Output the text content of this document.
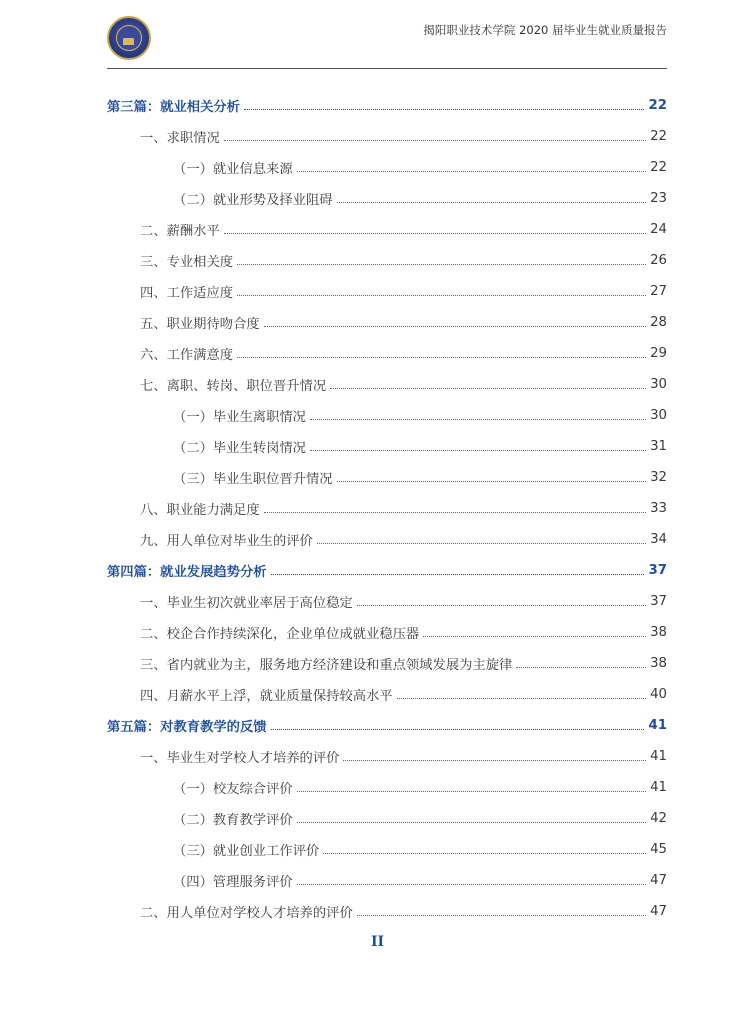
揭阳职业技术学院 2020 届毕业生就业质量报告
第三篇：就业相关分析	22
一、求职情况	22
（一）就业信息来源	22
（二）就业形势及择业阻碍	23
二、薪酬水平	24
三、专业相关度	26
四、工作适应度	27
五、职业期待吻合度	28
六、工作满意度	29
七、离职、转岗、职位晋升情况	30
（一）毕业生离职情况	30
（二）毕业生转岗情况	31
（三）毕业生职位晋升情况	32
八、职业能力满足度	33
九、用人单位对毕业生的评价	34
第四篇：就业发展趋势分析	37
一、毕业生初次就业率居于高位稳定	37
二、校企合作持续深化，企业单位成就业稳压器	38
三、省内就业为主，服务地方经济建设和重点领域发展为主旋律	38
四、月薪水平上浮，就业质量保持较高水平	40
第五篇：对教育教学的反馈	41
一、毕业生对学校人才培养的评价	41
（一）校友综合评价	41
（二）教育教学评价	42
（三）就业创业工作评价	45
（四）管理服务评价	47
二、用人单位对学校人才培养的评价	47
II
